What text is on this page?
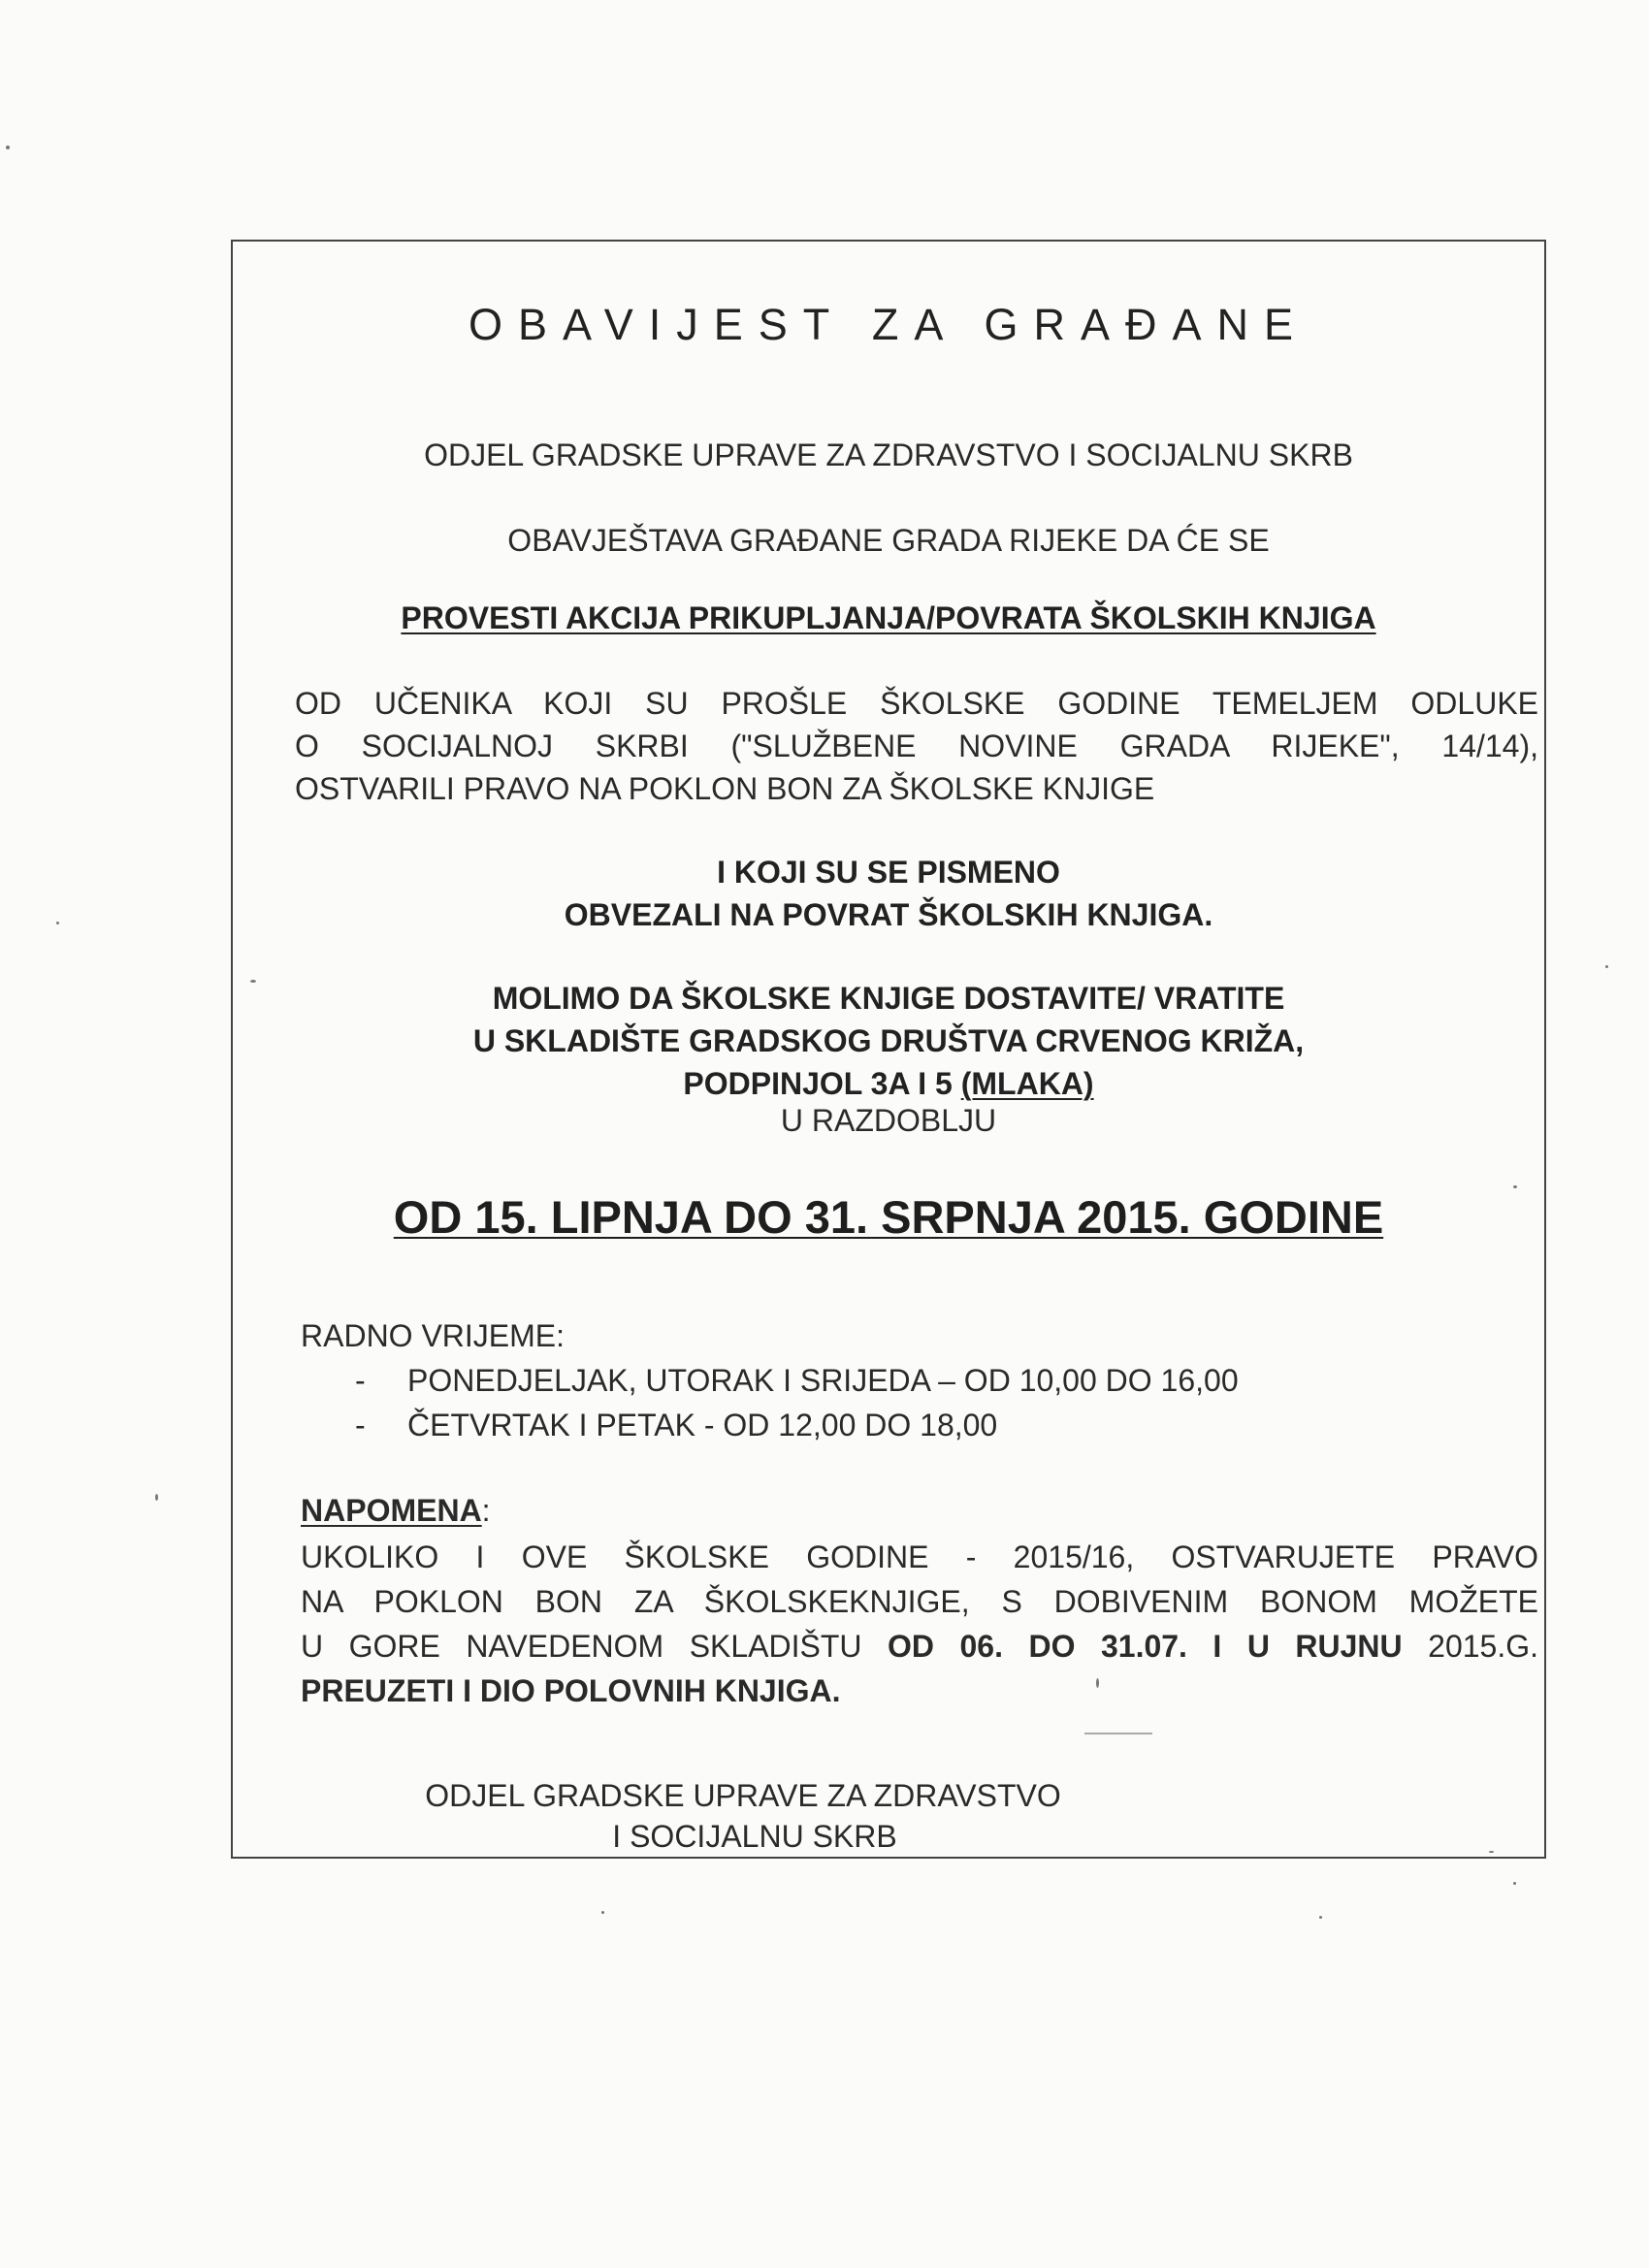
OBAVIJEST ZA GRAĐANE
ODJEL GRADSKE UPRAVE ZA ZDRAVSTVO I SOCIJALNU SKRB
OBAVJEŠTAVA GRAĐANE GRADA RIJEKE DA ĆE SE
PROVESTI AKCIJA PRIKUPLJANJA/POVRATA ŠKOLSKIH KNJIGA
OD UČENIKA KOJI SU PROŠLE ŠKOLSKE GODINE TEMELJEM ODLUKE
O SOCIJALNOJ SKRBI ("SLUŽBENE NOVINE GRADA RIJEKE", 14/14),
OSTVARILI PRAVO NA POKLON BON ZA ŠKOLSKE KNJIGE
I KOJI SU SE PISMENO
OBVEZALI NA POVRAT ŠKOLSKIH KNJIGA.
MOLIMO DA ŠKOLSKE KNJIGE DOSTAVITE/ VRATITE
U SKLADIŠTE GRADSKOG DRUŠTVA CRVENOG KRIŽA,
PODPINJOL 3A I 5 (MLAKA)
U RAZDOBLJU
OD 15. LIPNJA DO 31. SRPNJA 2015. GODINE
RADNO VRIJEME:
- PONEDJELJAK, UTORAK I SRIJEDA – OD 10,00 DO 16,00
- ČETVRTAK I PETAK - OD 12,00 DO 18,00
NAPOMENA:
UKOLIKO I OVE ŠKOLSKE GODINE - 2015/16, OSTVARUJETE PRAVO
NA POKLON BON ZA ŠKOLSKEKNJIGE, S DOBIVENIM BONOM MOŽETE
U GORE NAVEDENOM SKLADIŠTU OD 06. DO 31.07. I U RUJNU 2015.G.
PREUZETI I DIO POLOVNIH KNJIGA.
ODJEL GRADSKE UPRAVE ZA ZDRAVSTVO
I SOCIJALNU SKRB
